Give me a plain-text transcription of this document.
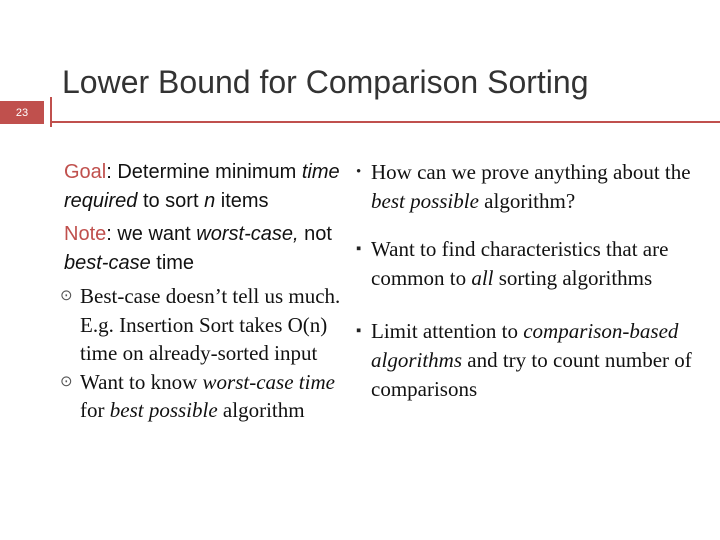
Lower Bound for Comparison Sorting
23
Goal: Determine minimum time required to sort n items
Note: we want worst-case, not best-case time
⊙ Best-case doesn’t tell us much. E.g. Insertion Sort takes O(n) time on already-sorted input
⊙ Want to know worst-case time for best possible algorithm
• How can we prove anything about the best possible algorithm?
▪ Want to find characteristics that are common to all sorting algorithms
▪ Limit attention to comparison-based algorithms and try to count number of comparisons
